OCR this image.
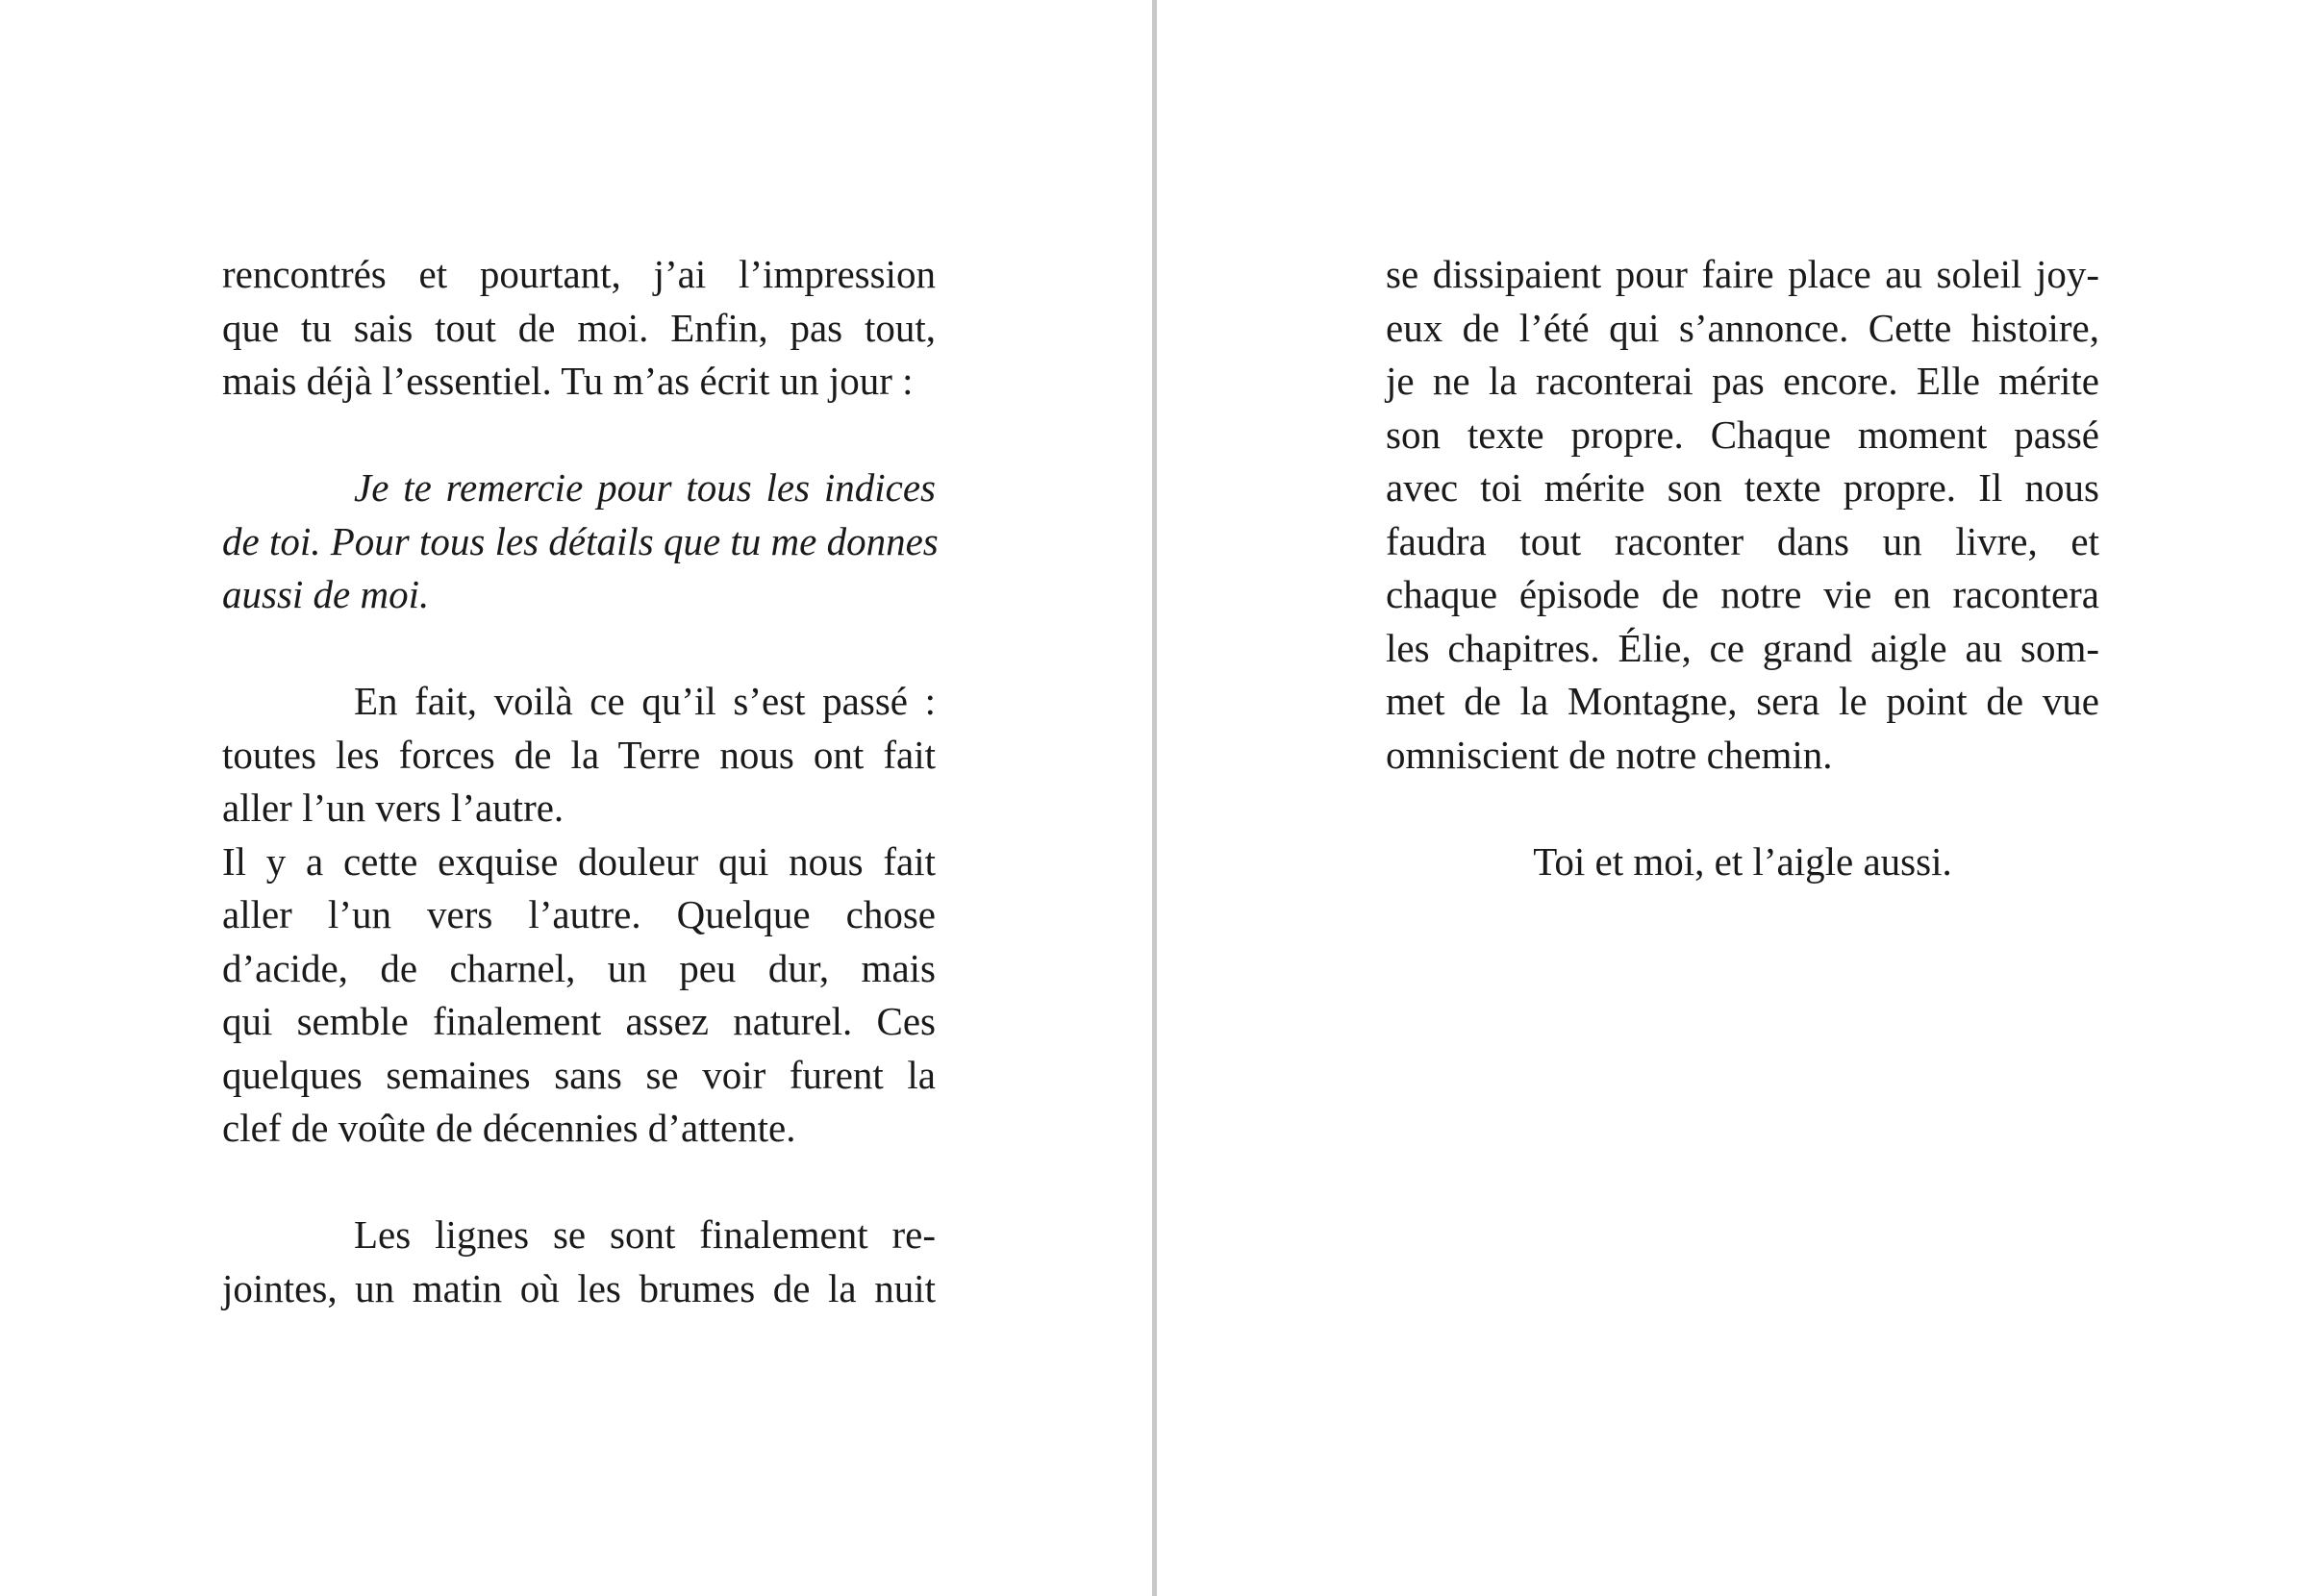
rencontrés et pourtant, j’ai l’impression
que tu sais tout de moi. Enfin, pas tout,
mais déjà l’essentiel. Tu m’as écrit un jour :
Je te remercie pour tous les indices
de toi. Pour tous les détails que tu me donnes
aussi de moi.
En fait, voilà ce qu’il s’est passé :
toutes les forces de la Terre nous ont fait
aller l’un vers l’autre.
Il y a cette exquise douleur qui nous fait
aller l’un vers l’autre. Quelque chose
d’acide, de charnel, un peu dur, mais
qui semble finalement assez naturel. Ces
quelques semaines sans se voir furent la
clef de voûte de décennies d’attente.
Les lignes se sont finalement re-
jointes, un matin où les brumes de la nuit
se dissipaient pour faire place au soleil joy-
eux de l’été qui s’annonce. Cette histoire,
je ne la raconterai pas encore. Elle mérite
son texte propre. Chaque moment passé
avec toi mérite son texte propre. Il nous
faudra tout raconter dans un livre, et
chaque épisode de notre vie en racontera
les chapitres. Élie, ce grand aigle au som-
met de la Montagne, sera le point de vue
omniscient de notre chemin.
Toi et moi, et l’aigle aussi.
